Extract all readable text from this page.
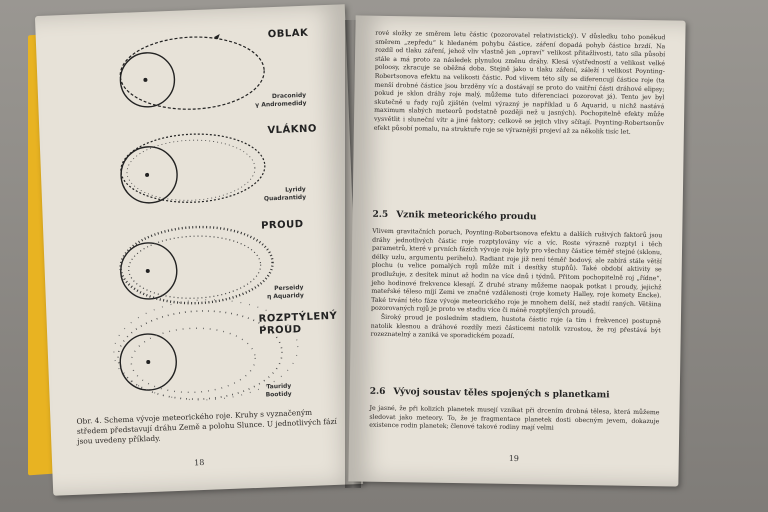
OBLAK
Draconidy
γ Andromedidy
VLÁKNO
Lyridy
Quadrantidy
PROUD
Perseidy
η Aquaridy
ROZPTÝLENÝ PROUD
Tauridy
Bootidy
Obr. 4. Schema vývoje meteorického roje. Kruhy s vyznačeným středem představují dráhu Země a polohu Slunce. U jednotlivých fází jsou uvedeny příklady.
18

rové složky ze směrem letu částic (pozorovatel relativistický). V důsledku toho poněkud směrem „zepředu“ k hledaném pohybu částice, záření dopadá pohyb částice brzdí. Na rozdíl od tlaku záření, jehož vliv vlastně jen „opraví“ velikost přitažlivosti, tato síla působí stále a má proto za následek plynulou změnu dráhy. Klesá výstředností a velikost velké poloosy, zkracuje se oběžná doba. Stejně jako u tlaku záření, záleží i velikost Poynting-Robertsonova efektu na velikosti částic. Pod vlivem této síly se diferencují částice roje (ta menší drobné částice jsou brzděny víc a dostávají se proto do vnitřní části dráhové elipsy; pokud je sklon dráhy roje malý, můžeme tuto diferenciaci pozorovat já). Tento jev byl skutečně u řady rojů zjištěn (velmi výrazný je například u δ Aquarid, u nichž nastává maximum slabých meteorů podstatně později než u jasných). Pochopitelně efekty může vysvětlit i sluneční vítr a jiné faktory; celkově se jejich vlivy sčítají. Poynting-Robertsonův efekt působí pomalu, na struktuře roje se výraznější projeví až za několik tisíc let.

2.5 Vznik meteorického proudu

Vlivem gravitačních poruch, Poynting-Robertsonova efektu a dalších rušivých faktorů jsou dráhy jednotlivých částic roje rozptylovány víc a víc. Roste výrazně rozptyl i těch parametrů, které v prvních fázích vývoje roje byly pro všechny částice téměř stejné (sklonu, délky uzlu, argumentu perihelu). Radiant roje již není téměř bodový, ale zabírá stále větší plochu (u velice pomalých rojů může mít i desítky stupňů). Také období aktivity se prodlužuje, z desítek minut až hodin na více dnů i týdnů. Přitom pochopitelně roj „řídne“, jeho hodinové frekvence klesají. Z druhé strany můžeme naopak potkat i proudy, jejichž mateřské těleso míjí Zemi ve značné vzdálenosti (roje komety Halley, roje komety Encke). Také trvání této fáze vývoje meteorického roje je mnohem delší, než stadií raných. Většina pozorovaných rojů je proto ve stadiu více či méně rozptýlených proudů.

Široký proud je posledním stadiem, hustota částic roje (a tím i frekvence) postupně natolik klesnou a dráhové rozdíly mezi částicemi natolik vzrostou, že roj přestává být rozeznatelný a zaniká ve sporadickém pozadí.

2.6 Vývoj soustav těles spojených s planetkami

Je jasné, že při kolizích planetek musejí vznikat při drcením drobná tělesa, která můžeme sledovat jako meteory. To, že je fragmentace planetek dosti obecným jevem, dokazuje existence rodin planetek; členové takové rodiny mají velmi

19
